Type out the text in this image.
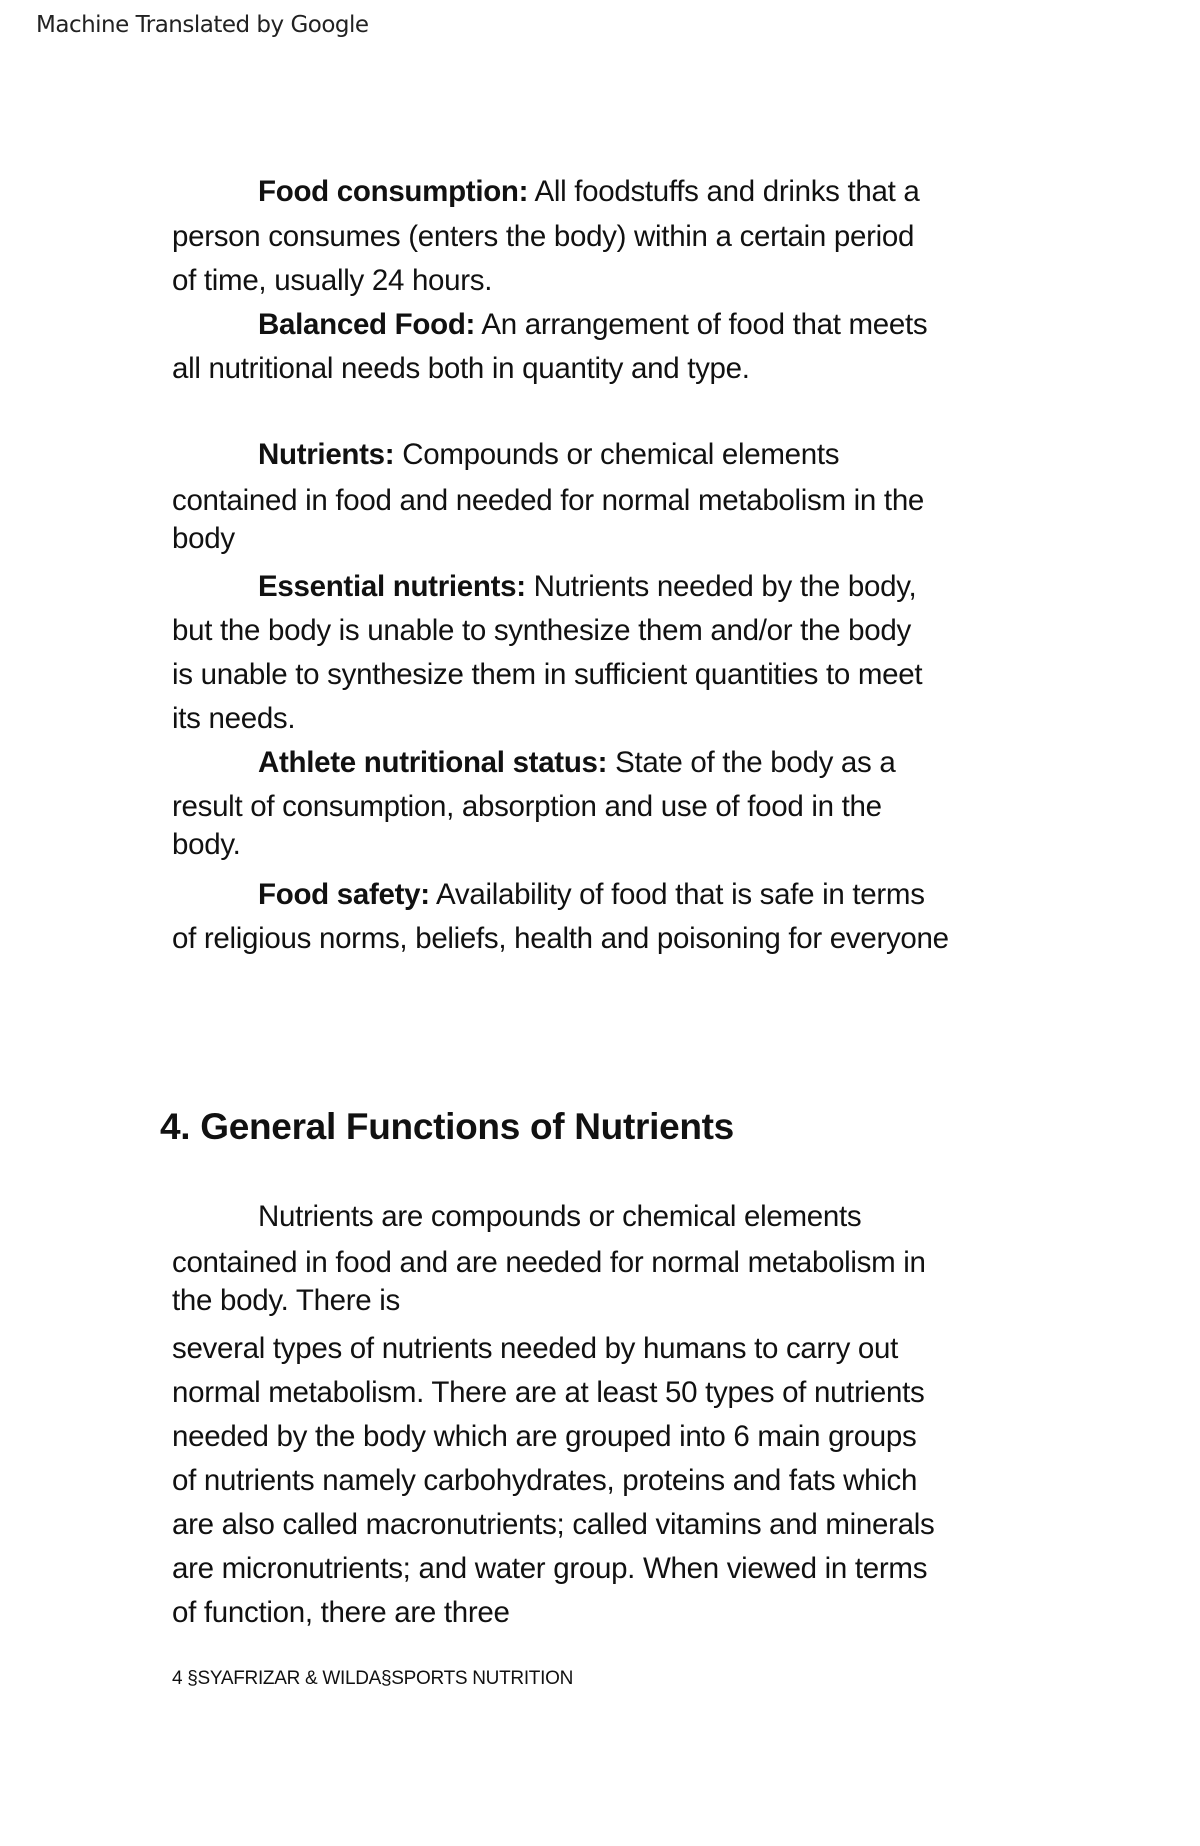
Machine Translated by Google
Food consumption: All foodstuffs and drinks that a
person consumes (enters the body) within a certain period
of time, usually 24 hours.
Balanced Food: An arrangement of food that meets
all nutritional needs both in quantity and type.
Nutrients: Compounds or chemical elements
contained in food and needed for normal metabolism in the
body
Essential nutrients: Nutrients needed by the body,
but the body is unable to synthesize them and/or the body
is unable to synthesize them in sufficient quantities to meet
its needs.
Athlete nutritional status: State of the body as a
result of consumption, absorption and use of food in the
body.
Food safety: Availability of food that is safe in terms
of religious norms, beliefs, health and poisoning for everyone
4. General Functions of Nutrients
Nutrients are compounds or chemical elements
contained in food and are needed for normal metabolism in
the body. There is
several types of nutrients needed by humans to carry out
normal metabolism. There are at least 50 types of nutrients
needed by the body which are grouped into 6 main groups
of nutrients namely carbohydrates, proteins and fats which
are also called macronutrients; called vitamins and minerals
are micronutrients; and water group. When viewed in terms
of function, there are three
4 §SYAFRIZAR & WILDA§SPORTS NUTRITION
